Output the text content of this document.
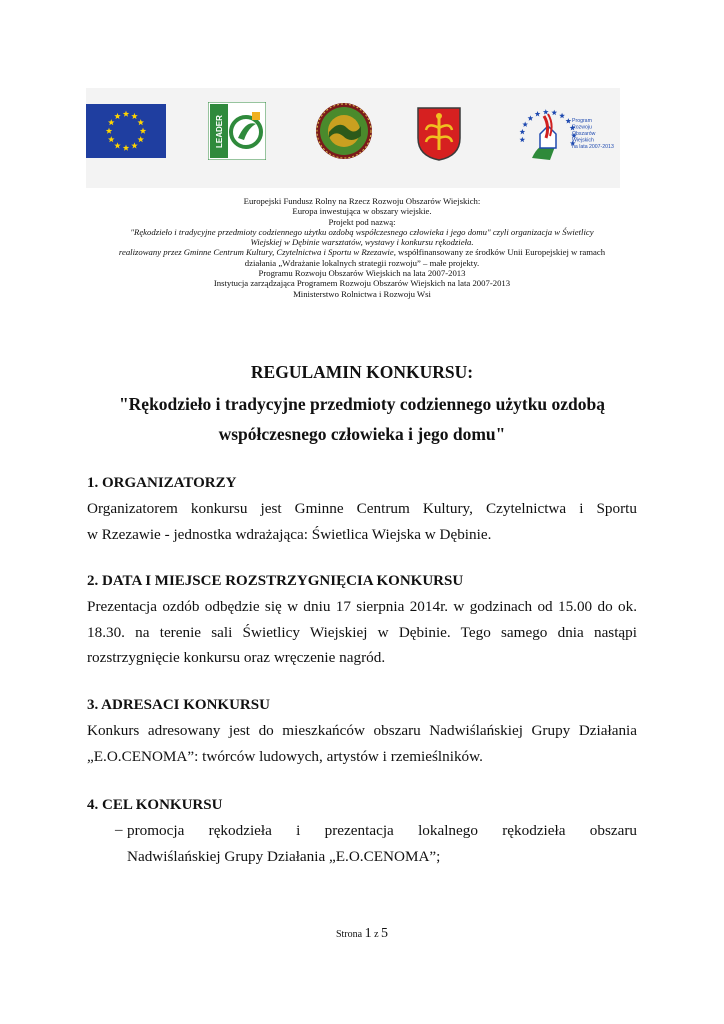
LEADER	Program Rozwoju Obszarów Wiejskich na lata 2007-2013
Europejski Fundusz Rolny na Rzecz Rozwoju Obszarów Wiejskich:
Europa inwestująca w obszary wiejskie.
Projekt pod nazwą:
"Rękodzieło i tradycyjne przedmioty codziennego użytku ozdobą współczesnego człowieka i jego domu" czyli organizacja w Świetlicy
Wiejskiej w Dębinie warsztatów, wystawy i konkursu rękodzieła.
realizowany przez Gminne Centrum Kultury, Czytelnictwa i Sportu w Rzezawie, współfinansowany ze środków Unii Europejskiej w ramach
działania „Wdrażanie lokalnych strategii rozwoju” – małe projekty.
Programu Rozwoju Obszarów Wiejskich na lata 2007-2013
Instytucja zarządzająca Programem Rozwoju Obszarów Wiejskich na lata 2007-2013
Ministerstwo Rolnictwa i Rozwoju Wsi
REGULAMIN KONKURSU:
"Rękodzieło i tradycyjne przedmioty codziennego użytku ozdobą
współczesnego człowieka i jego domu"
1. ORGANIZATORZY

Organizatorem konkursu jest Gminne Centrum Kultury, Czytelnictwa i Sportu
w Rzezawie - jednostka wdrażająca: Świetlica Wiejska w Dębinie.

2. DATA I MIEJSCE ROZSTRZYGNIĘCIA KONKURSU

Prezentacja ozdób odbędzie się w dniu 17 sierpnia 2014r. w godzinach od 15.00 do ok.
18.30. na terenie sali Świetlicy Wiejskiej w Dębinie. Tego samego dnia nastąpi
rozstrzygnięcie konkursu oraz wręczenie nagród.

3. ADRESACI KONKURSU

Konkurs adresowany jest do mieszkańców obszaru Nadwiślańskiej Grupy Działania
„E.O.CENOMA”: twórców ludowych, artystów i rzemieślników.

4. CEL KONKURSU

– promocja rękodzieła i prezentacja lokalnego rękodzieła obszaru
Nadwiślańskiej Grupy Działania „E.O.CENOMA”;

Strona 1 z 5
